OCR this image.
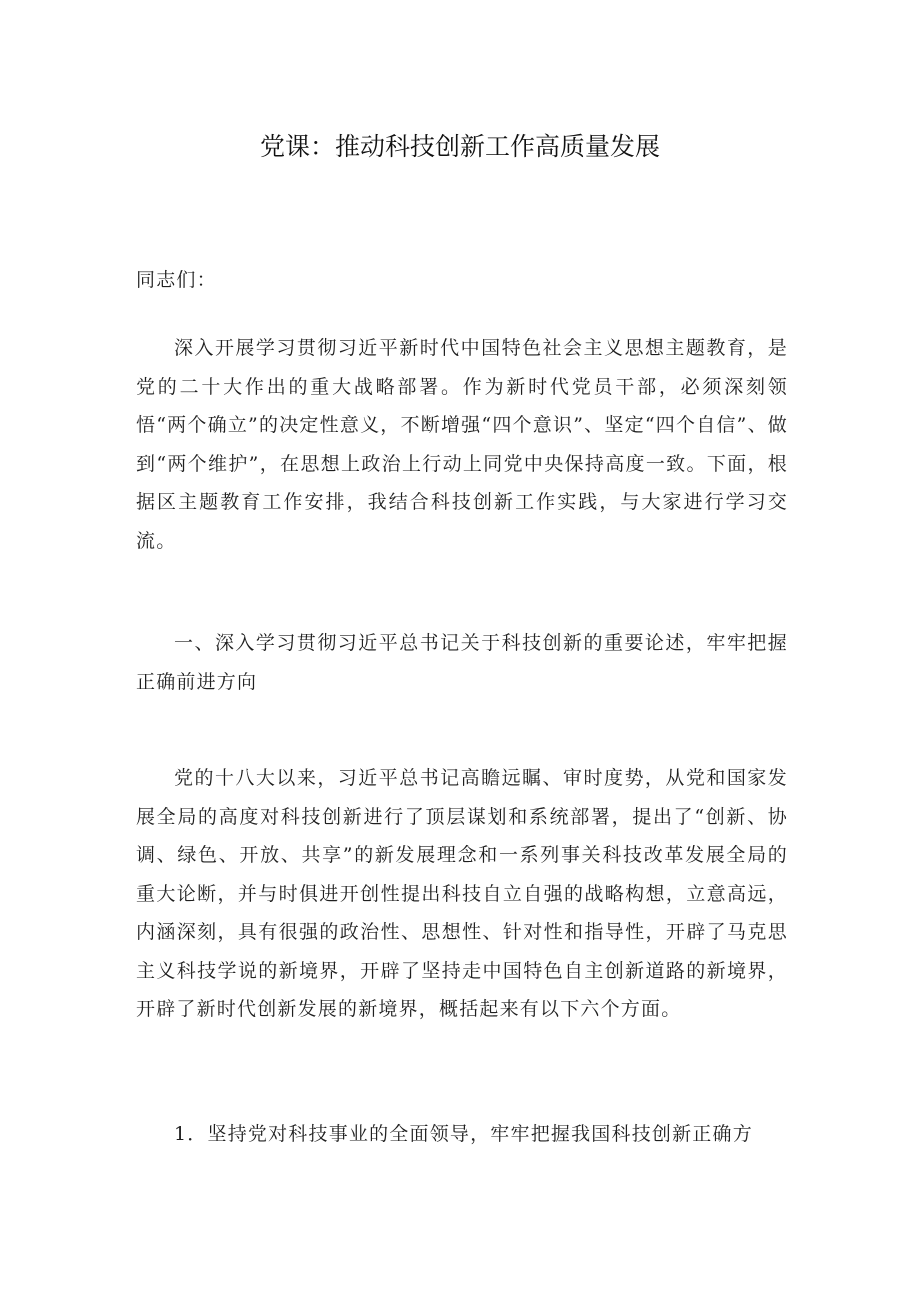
党课：推动科技创新工作高质量发展
同志们：

深入开展学习贯彻习近平新时代中国特色社会主义思想主题教育，是党的二十大作出的重大战略部署。作为新时代党员干部，必须深刻领悟“两个确立”的决定性意义，不断增强“四个意识”、坚定“四个自信”、做到“两个维护”，在思想上政治上行动上同党中央保持高度一致。下面，根据区主题教育工作安排，我结合科技创新工作实践，与大家进行学习交流。

一、深入学习贯彻习近平总书记关于科技创新的重要论述，牢牢把握正确前进方向

党的十八大以来，习近平总书记高瞻远瞩、审时度势，从党和国家发展全局的高度对科技创新进行了顶层谋划和系统部署，提出了“创新、协调、绿色、开放、共享”的新发展理念和一系列事关科技改革发展全局的重大论断，并与时俱进开创性提出科技自立自强的战略构想，立意高远，内涵深刻，具有很强的政治性、思想性、针对性和指导性，开辟了马克思主义科技学说的新境界，开辟了坚持走中国特色自主创新道路的新境界，开辟了新时代创新发展的新境界，概括起来有以下六个方面。

1．坚持党对科技事业的全面领导，牢牢把握我国科技创新正确方
